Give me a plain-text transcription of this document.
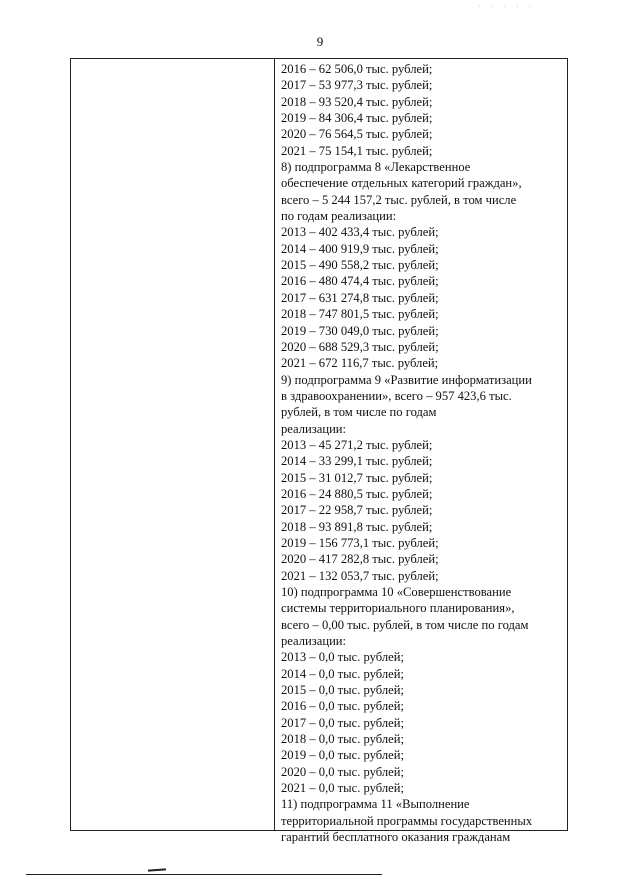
· · · · ·
9
2016 – 62 506,0 тыс. рублей;
2017 – 53 977,3 тыс. рублей;
2018 – 93 520,4 тыс. рублей;
2019 – 84 306,4 тыс. рублей;
2020 – 76 564,5 тыс. рублей;
2021 – 75 154,1 тыс. рублей;
8) подпрограмма 8 «Лекарственное
обеспечение отдельных категорий граждан»,
всего – 5 244 157,2 тыс. рублей, в том числе
по годам реализации:
2013 – 402 433,4 тыс. рублей;
2014 – 400 919,9 тыс. рублей;
2015 – 490 558,2 тыс. рублей;
2016 – 480 474,4 тыс. рублей;
2017 – 631 274,8 тыс. рублей;
2018 – 747 801,5 тыс. рублей;
2019 – 730 049,0 тыс. рублей;
2020 – 688 529,3 тыс. рублей;
2021 – 672 116,7 тыс. рублей;
9) подпрограмма 9 «Развитие информатизации
в здравоохранении», всего – 957 423,6 тыс.
рублей, в том числе по годам
реализации:
2013 – 45 271,2 тыс. рублей;
2014 – 33 299,1 тыс. рублей;
2015 – 31 012,7 тыс. рублей;
2016 – 24 880,5 тыс. рублей;
2017 – 22 958,7 тыс. рублей;
2018 – 93 891,8 тыс. рублей;
2019 – 156 773,1 тыс. рублей;
2020 – 417 282,8 тыс. рублей;
2021 – 132 053,7 тыс. рублей;
10) подпрограмма 10 «Совершенствование
системы территориального планирования»,
всего – 0,00 тыс. рублей, в том числе по годам
реализации:
2013 – 0,0 тыс. рублей;
2014 – 0,0 тыс. рублей;
2015 – 0,0 тыс. рублей;
2016 – 0,0 тыс. рублей;
2017 – 0,0 тыс. рублей;
2018 – 0,0 тыс. рублей;
2019 – 0,0 тыс. рублей;
2020 – 0,0 тыс. рублей;
2021 – 0,0 тыс. рублей;
11) подпрограмма 11 «Выполнение
территориальной программы государственных
гарантий бесплатного оказания гражданам
